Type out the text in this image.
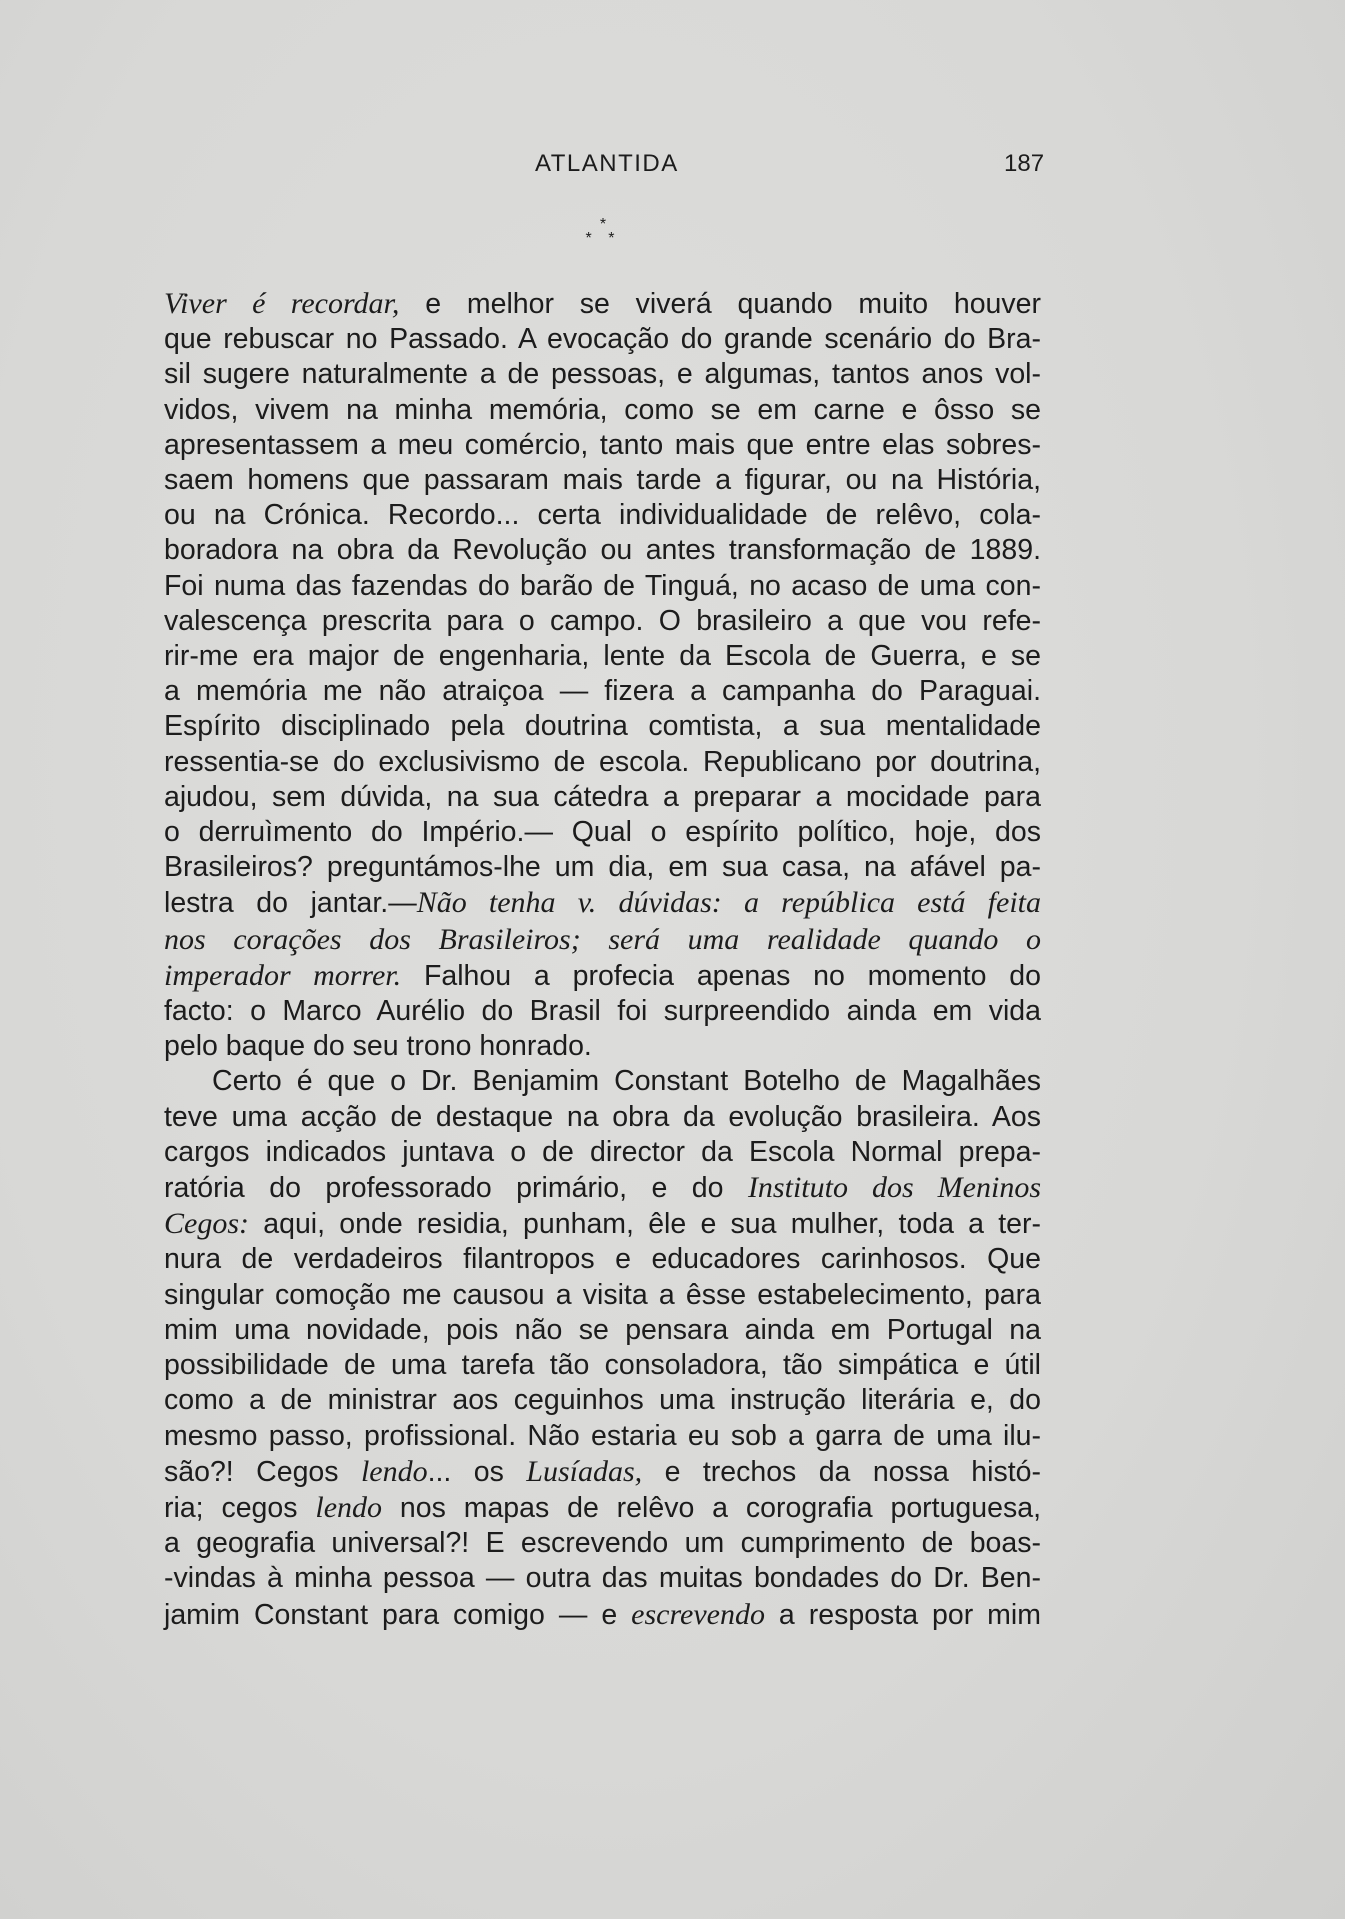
ATLANTIDA	187
*
* *

Viver é recordar, e melhor se viverá quando muito houver
que rebuscar no Passado. A evocação do grande scenário do Bra-
sil sugere naturalmente a de pessoas, e algumas, tantos anos vol-
vidos, vivem na minha memória, como se em carne e ôsso se
apresentassem a meu comércio, tanto mais que entre elas sobres-
saem homens que passaram mais tarde a figurar, ou na História,
ou na Crónica. Recordo... certa individualidade de relêvo, cola-
boradora na obra da Revolução ou antes transformação de 1889.
Foi numa das fazendas do barão de Tinguá, no acaso de uma con-
valescença prescrita para o campo. O brasileiro a que vou refe-
rir-me era major de engenharia, lente da Escola de Guerra, e se
a memória me não atraiçoa — fizera a campanha do Paraguai.
Espírito disciplinado pela doutrina comtista, a sua mentalidade
ressentia-se do exclusivismo de escola. Republicano por doutrina,
ajudou, sem dúvida, na sua cátedra a preparar a mocidade para
o derruìmento do Império.— Qual o espírito político, hoje, dos
Brasileiros? preguntámos-lhe um dia, em sua casa, na afável pa-
lestra do jantar.—Não tenha v. dúvidas: a república está feita
nos corações dos Brasileiros; será uma realidade quando o
imperador morrer. Falhou a profecia apenas no momento do
facto: o Marco Aurélio do Brasil foi surpreendido ainda em vida
pelo baque do seu trono honrado.

Certo é que o Dr. Benjamim Constant Botelho de Magalhães
teve uma acção de destaque na obra da evolução brasileira. Aos
cargos indicados juntava o de director da Escola Normal prepa-
ratória do professorado primário, e do Instituto dos Meninos
Cegos: aqui, onde residia, punham, êle e sua mulher, toda a ter-
nura de verdadeiros filantropos e educadores carinhosos. Que
singular comoção me causou a visita a êsse estabelecimento, para
mim uma novidade, pois não se pensara ainda em Portugal na
possibilidade de uma tarefa tão consoladora, tão simpática e útil
como a de ministrar aos ceguinhos uma instrução literária e, do
mesmo passo, profissional. Não estaria eu sob a garra de uma ilu-
são?! Cegos lendo... os Lusíadas, e trechos da nossa histó-
ria; cegos lendo nos mapas de relêvo a corografia portuguesa,
a geografia universal?! E escrevendo um cumprimento de boas-
-vindas à minha pessoa — outra das muitas bondades do Dr. Ben-
jamim Constant para comigo — e escrevendo a resposta por mim
